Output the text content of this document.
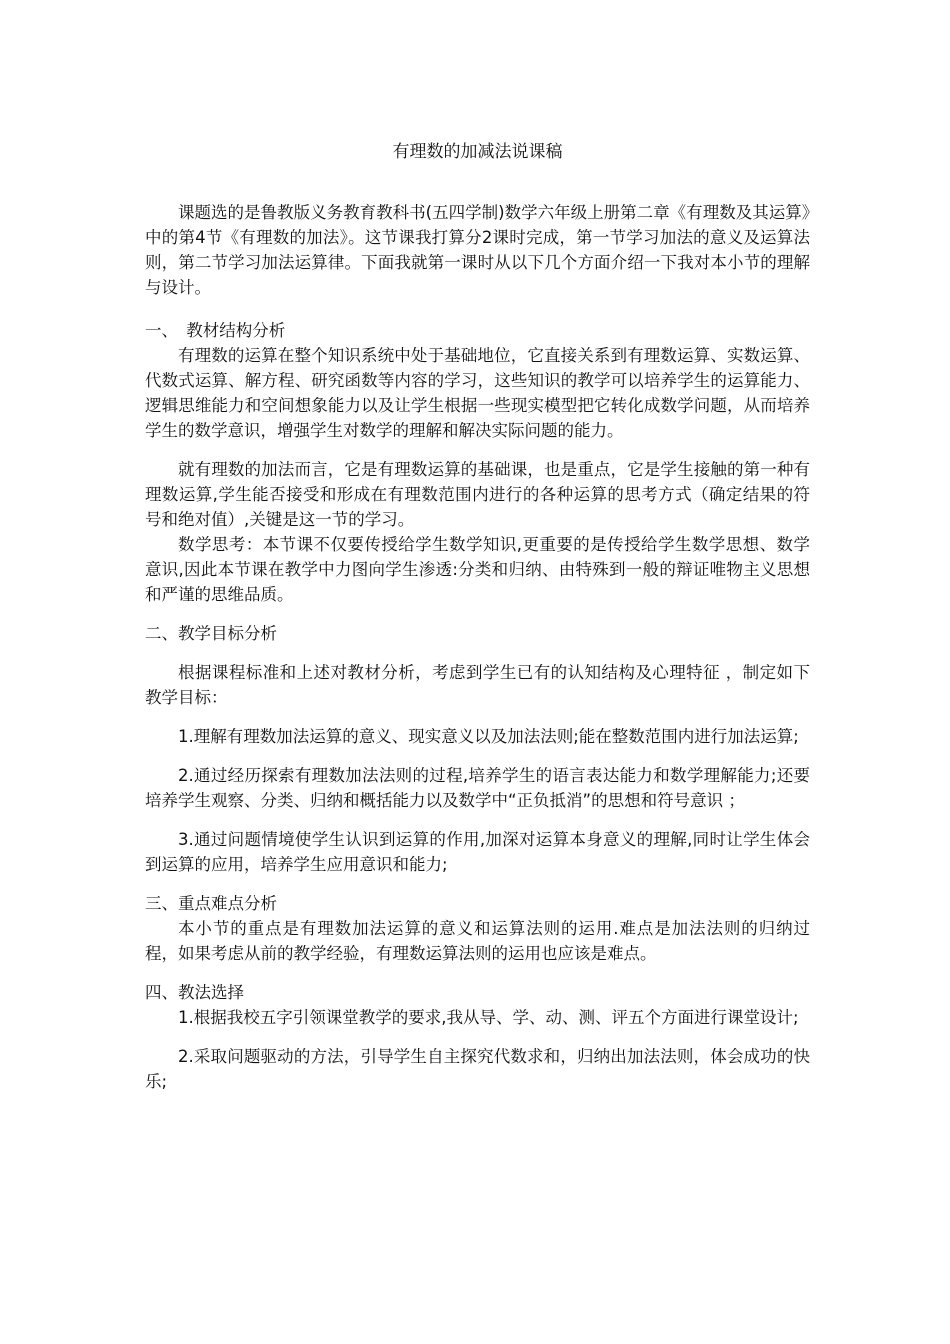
有理数的加减法说课稿

课题选的是鲁教版义务教育教科书(五四学制)数学六年级上册第二章《有理数及其运算》中的第4节《有理数的加法》。这节课我打算分2课时完成，第一节学习加法的意义及运算法则，第二节学习加法运算律。下面我就第一课时从以下几个方面介绍一下我对本小节的理解与设计。

一、　教材结构分析

有理数的运算在整个知识系统中处于基础地位，它直接关系到有理数运算、实数运算、代数式运算、解方程、研究函数等内容的学习，这些知识的教学可以培养学生的运算能力、逻辑思维能力和空间想象能力以及让学生根据一些现实模型把它转化成数学问题，从而培养学生的数学意识，增强学生对数学的理解和解决实际问题的能力。

就有理数的加法而言，它是有理数运算的基础课，也是重点，它是学生接触的第一种有理数运算,学生能否接受和形成在有理数范围内进行的各种运算的思考方式（确定结果的符号和绝对值）,关键是这一节的学习。

数学思考：本节课不仅要传授给学生数学知识,更重要的是传授给学生数学思想、数学意识,因此本节课在教学中力图向学生渗透:分类和归纳、由特殊到一般的辩证唯物主义思想和严谨的思维品质。

二、教学目标分析

根据课程标准和上述对教材分析，考虑到学生已有的认知结构及心理特征 ，制定如下教学目标：

1.理解有理数加法运算的意义、现实意义以及加法法则;能在整数范围内进行加法运算;

2.通过经历探索有理数加法法则的过程,培养学生的语言表达能力和数学理解能力;还要培养学生观察、分类、归纳和概括能力以及数学中“正负抵消”的思想和符号意识 ；

3.通过问题情境使学生认识到运算的作用,加深对运算本身意义的理解,同时让学生体会到运算的应用，培养学生应用意识和能力;

三、重点难点分析

本小节的重点是有理数加法运算的意义和运算法则的运用.难点是加法法则的归纳过程，如果考虑从前的教学经验，有理数运算法则的运用也应该是难点。

四、教法选择

1.根据我校五字引领课堂教学的要求,我从导、学、动、测、评五个方面进行课堂设计;

2.采取问题驱动的方法，引导学生自主探究代数求和，归纳出加法法则，体会成功的快乐;
